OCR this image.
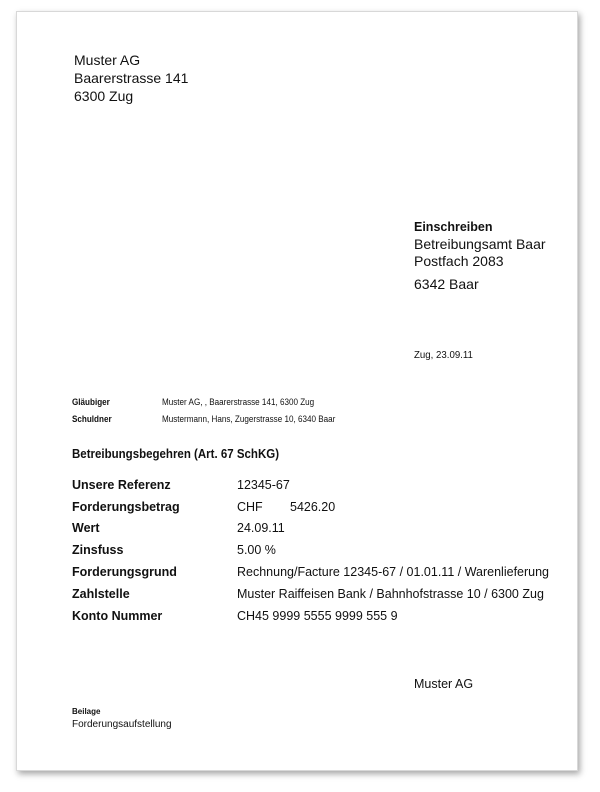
Muster AG
Baarerstrasse 141
6300 Zug
Einschreiben
Betreibungsamt Baar
Postfach 2083
6342 Baar
Zug, 23.09.11
Gläubiger	Muster AG, , Baarerstrasse 141, 6300 Zug
Schuldner	Mustermann, Hans, Zugerstrasse 10, 6340 Baar
Betreibungsbegehren (Art. 67 SchKG)
Unsere Referenz	12345-67
Forderungsbetrag	CHF	5426.20
Wert	24.09.11
Zinsfuss	5.00 %
Forderungsgrund	Rechnung/Facture 12345-67 / 01.01.11 / Warenlieferung
Zahlstelle	Muster Raiffeisen Bank / Bahnhofstrasse 10 / 6300 Zug
Konto Nummer	CH45 9999 5555 9999 555 9
Muster AG
Beilage
Forderungsaufstellung
